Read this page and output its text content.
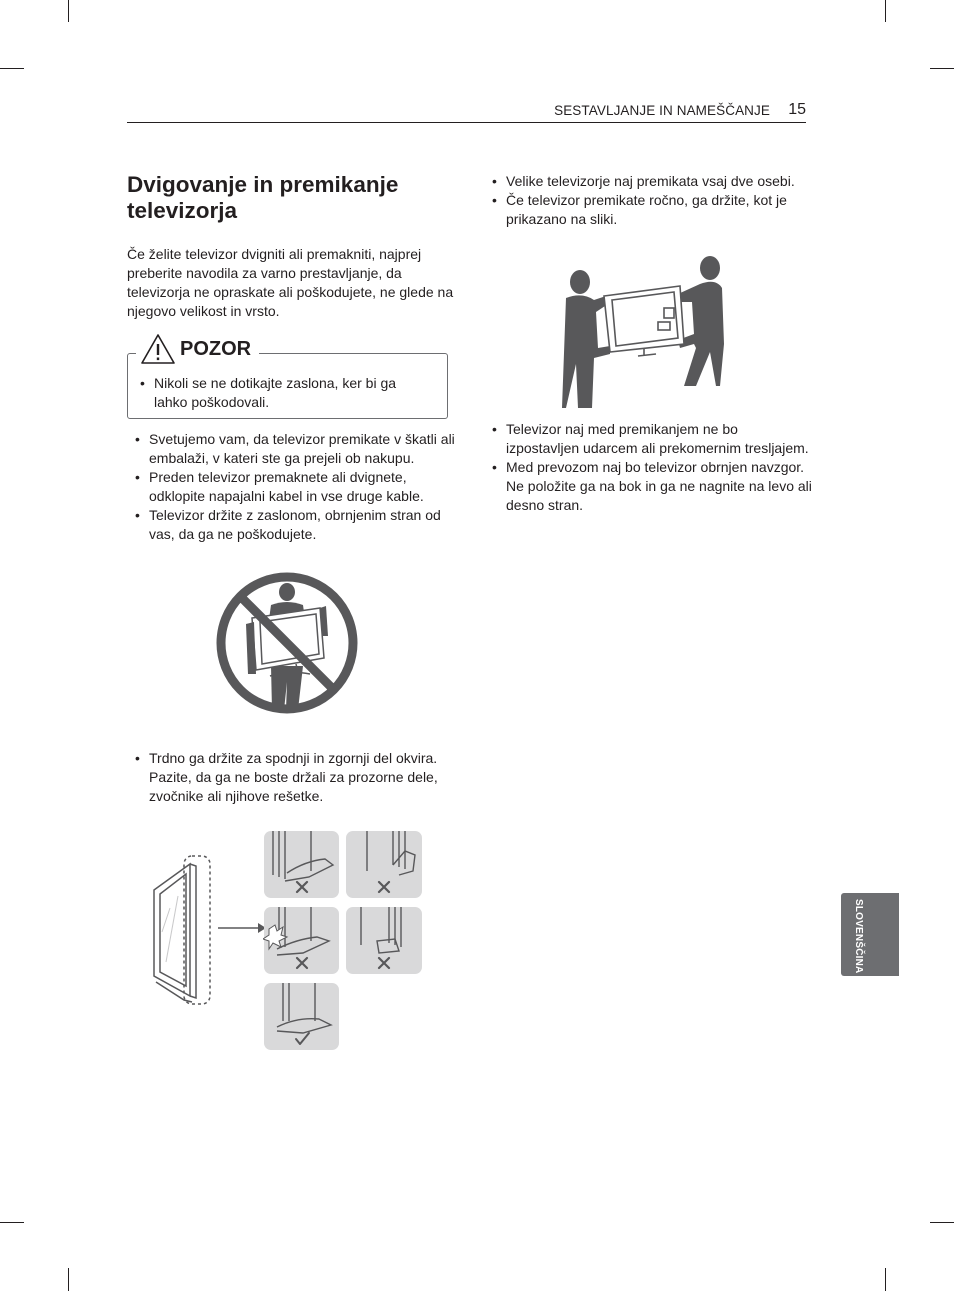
SESTAVLJANJE IN NAMEŠČANJE 15
Dvigovanje in premikanje televizorja

Če želite televizor dvigniti ali premakniti, najprej preberite navodila za varno prestavljanje, da televizorja ne opraskate ali poškodujete, ne glede na njegovo velikost in vrsto.

POZOR
• Nikoli se ne dotikajte zaslona, ker bi ga lahko poškodovali.
• Svetujemo vam, da televizor premikate v škatli ali embalaži, v kateri ste ga prejeli ob nakupu.
• Preden televizor premaknete ali dvignete, odklopite napajalni kabel in vse druge kable.
• Televizor držite z zaslonom, obrnjenim stran od vas, da ga ne poškodujete.
• Trdno ga držite za spodnji in zgornji del okvira. Pazite, da ga ne boste držali za prozorne dele, zvočnike ali njihove rešetke.
• Velike televizorje naj premikata vsaj dve osebi.
• Če televizor premikate ročno, ga držite, kot je prikazano na sliki.
• Televizor naj med premikanjem ne bo izpostavljen udarcem ali prekomernim tresljajem.
• Med prevozom naj bo televizor obrnjen navzgor. Ne položite ga na bok in ga ne nagnite na levo ali desno stran.
SLOVENŠČINA
